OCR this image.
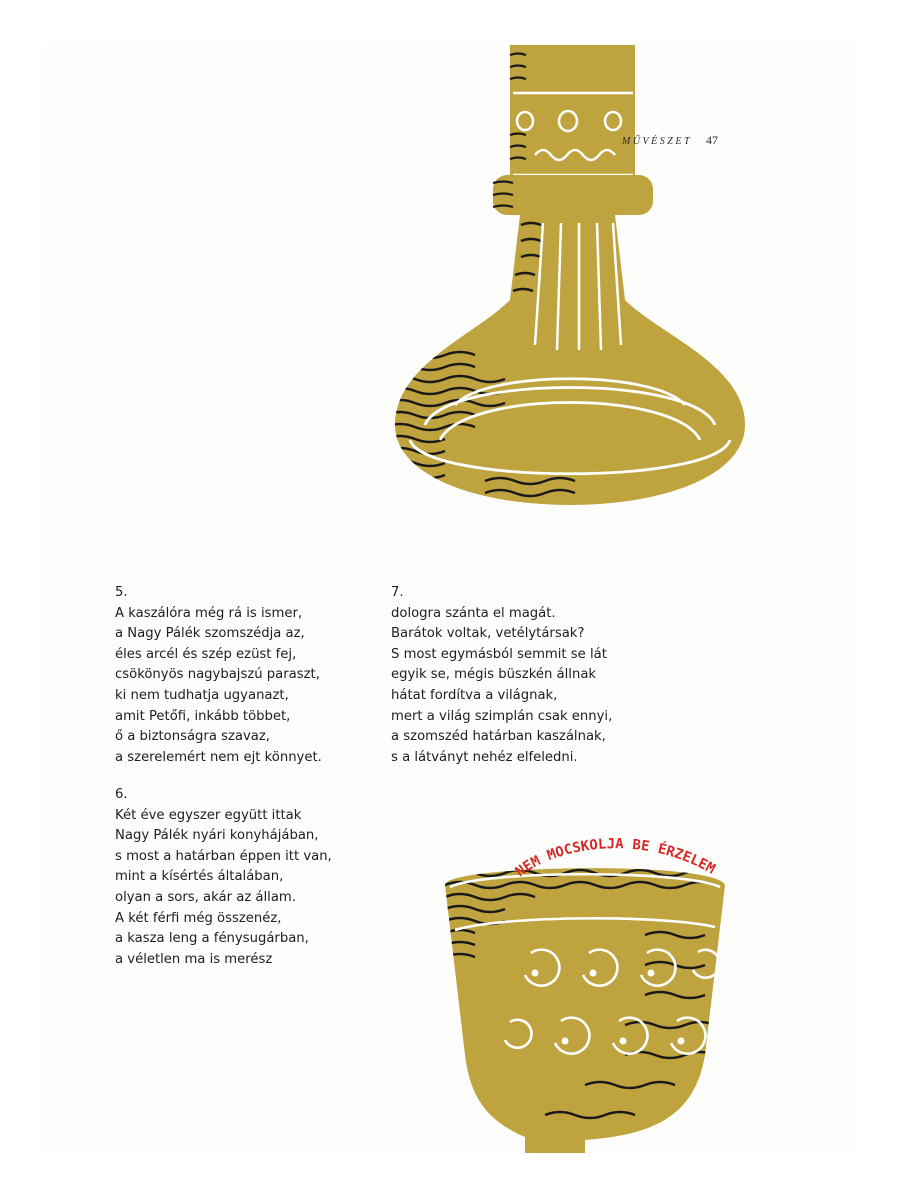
MŰVÉSZET 47
5.
A kaszálóra még rá is ismer,
a Nagy Pálék szomszédja az,
éles arcél és szép ezüst fej,
csökönyös nagybajszú paraszt,
ki nem tudhatja ugyanazt,
amit Petőfi, inkább többet,
ő a biztonságra szavaz,
a szerelemért nem ejt könnyet.
6.
Két éve egyszer együtt ittak
Nagy Pálék nyári konyhájában,
s most a határban éppen itt van,
mint a kísértés általában,
olyan a sors, akár az állam.
A két férfi még összenéz,
a kasza leng a fénysugárban,
a véletlen ma is merész
7.
dologra szánta el magát.
Barátok voltak, vetélytársak?
S most egymásból semmit se lát
egyik se, mégis büszkén állnak
hátat fordítva a világnak,
mert a világ szimplán csak ennyi,
a szomszéd határban kaszálnak,
s a látványt nehéz elfeledni.
NEM MOCSKOLJA BE ÉRZELEM
